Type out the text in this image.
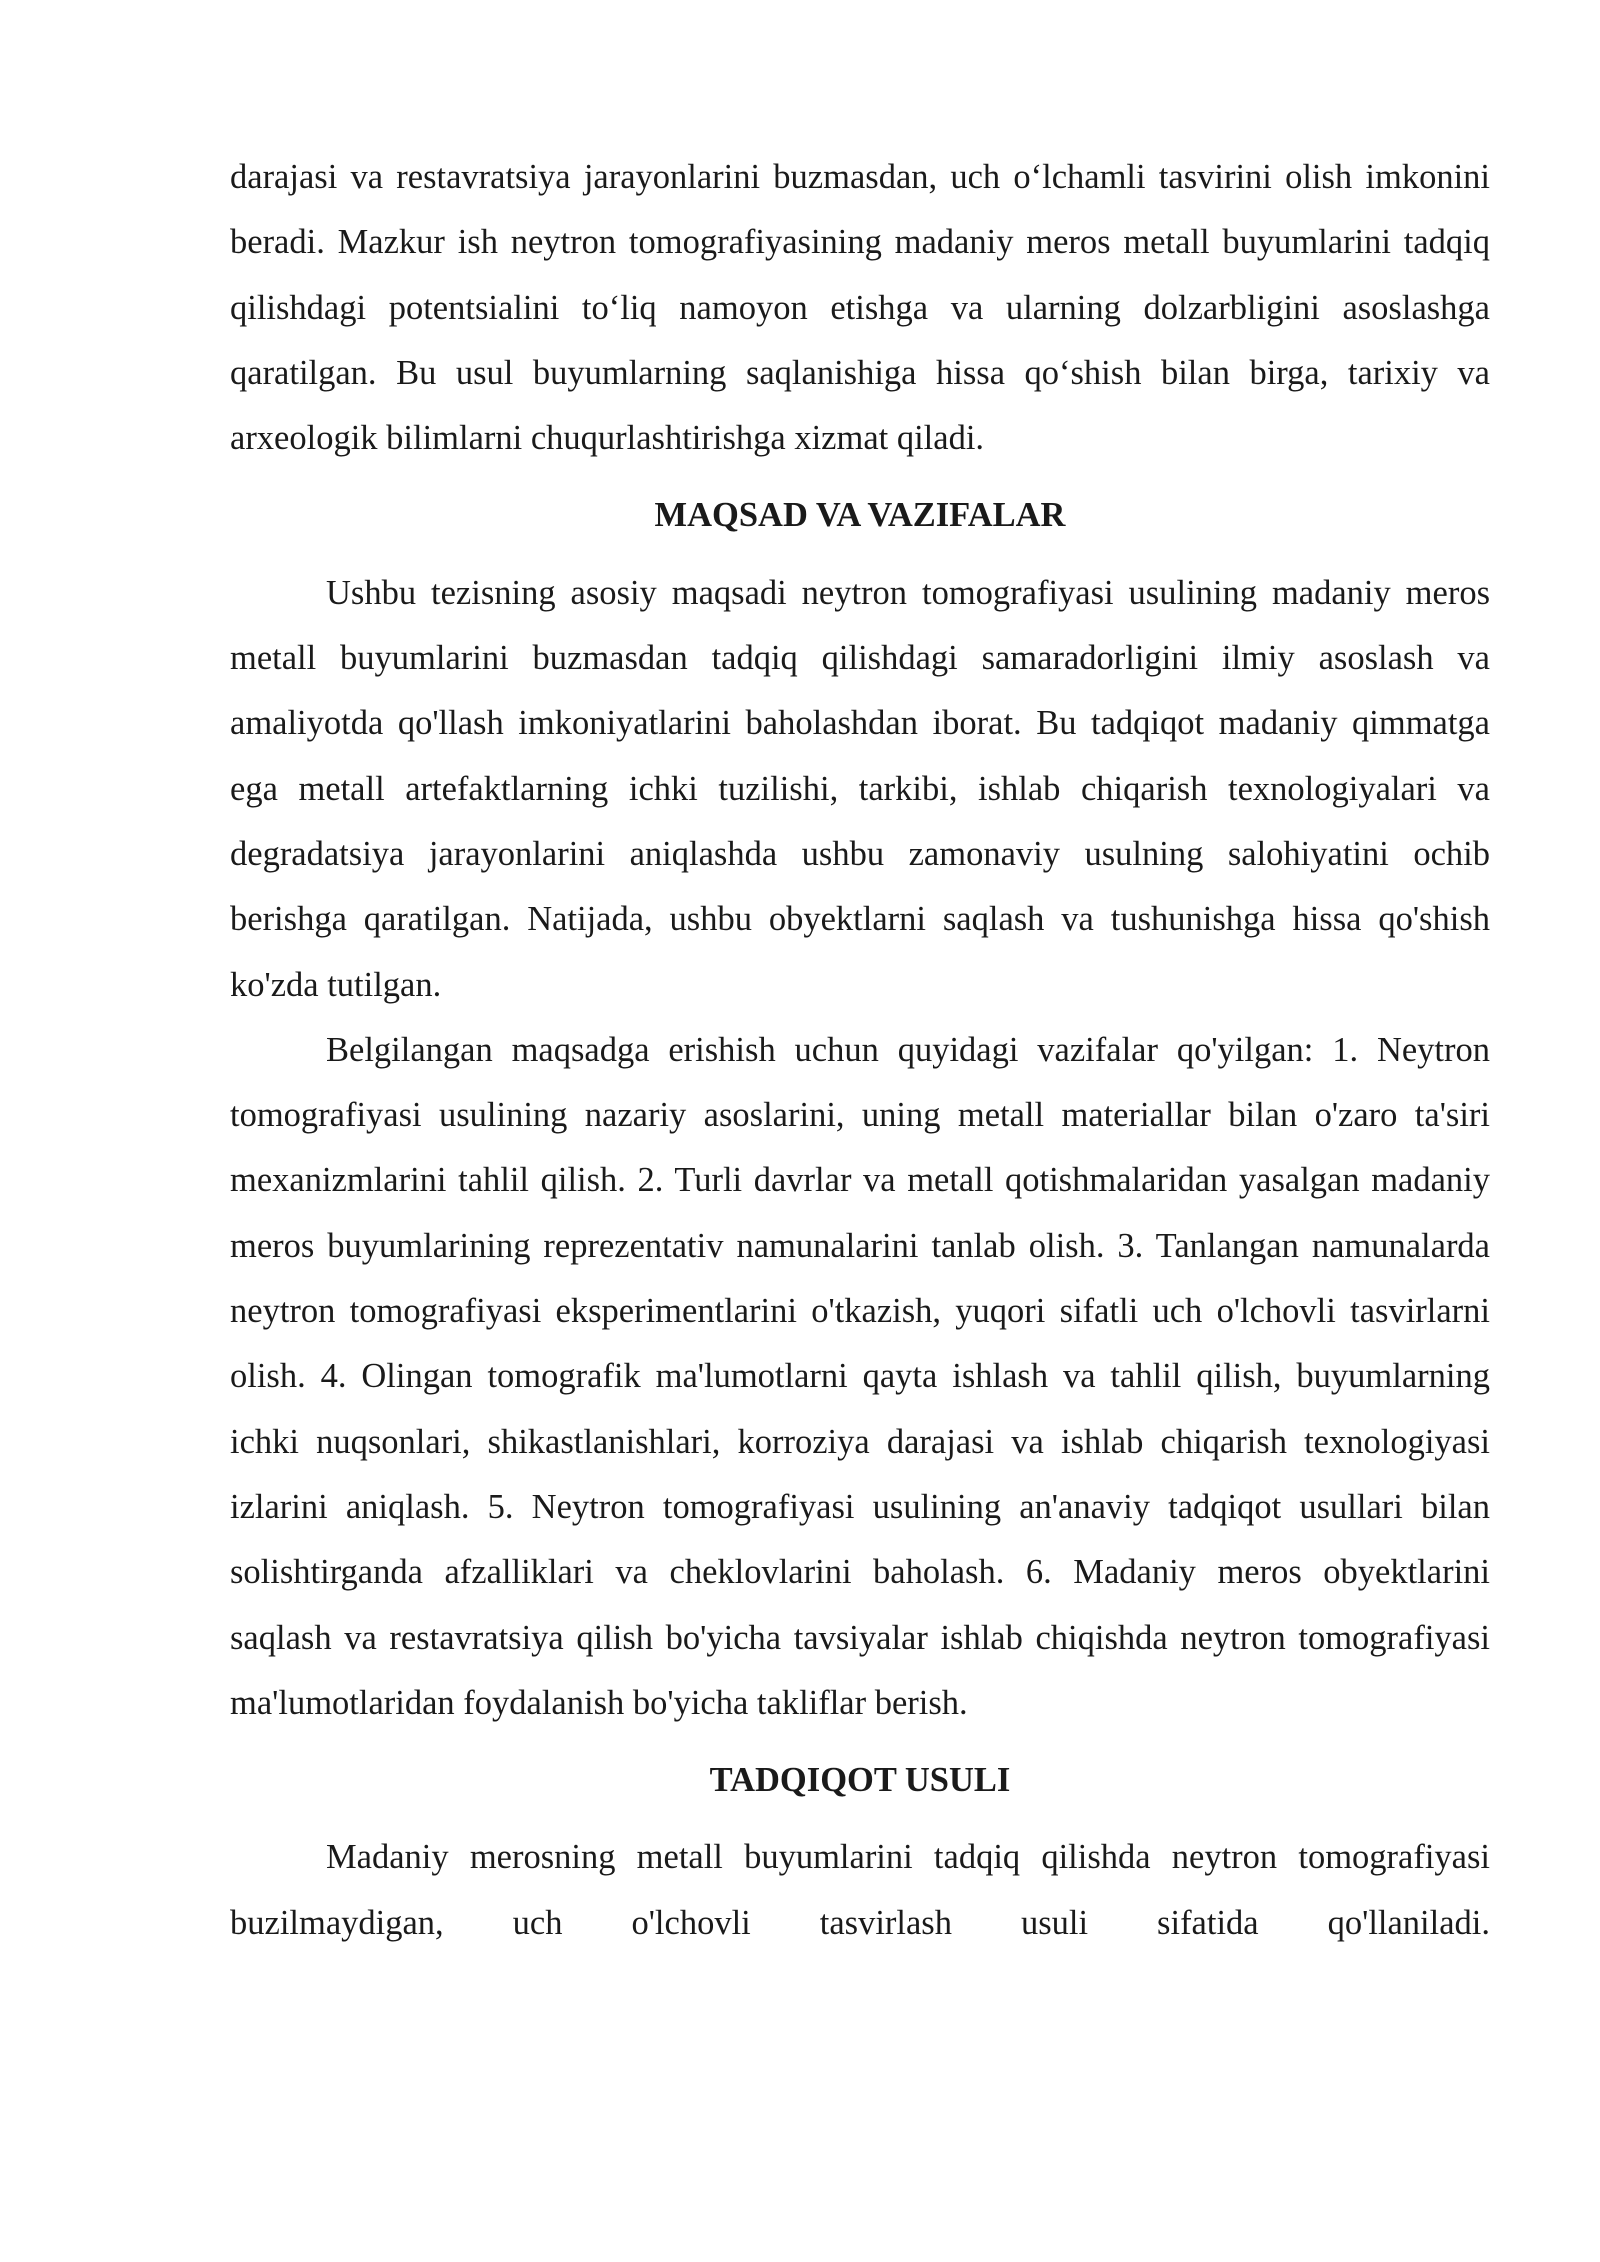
darajasi va restavratsiya jarayonlarini buzmasdan, uch o‘lchamli tasvirini olish imkonini beradi. Mazkur ish neytron tomografiyasining madaniy meros metall buyumlarini tadqiq qilishdagi potentsialini to‘liq namoyon etishga va ularning dolzarbligini asoslashga qaratilgan. Bu usul buyumlarning saqlanishiga hissa qo‘shish bilan birga, tarixiy va arxeologik bilimlarni chuqurlashtirishga xizmat qiladi.

MAQSAD VA VAZIFALAR

Ushbu tezisning asosiy maqsadi neytron tomografiyasi usulining madaniy meros metall buyumlarini buzmasdan tadqiq qilishdagi samaradorligini ilmiy asoslash va amaliyotda qo'llash imkoniyatlarini baholashdan iborat. Bu tadqiqot madaniy qimmatga ega metall artefaktlarning ichki tuzilishi, tarkibi, ishlab chiqarish texnologiyalari va degradatsiya jarayonlarini aniqlashda ushbu zamonaviy usulning salohiyatini ochib berishga qaratilgan. Natijada, ushbu obyektlarni saqlash va tushunishga hissa qo'shish ko'zda tutilgan.

Belgilangan maqsadga erishish uchun quyidagi vazifalar qo'yilgan: 1. Neytron tomografiyasi usulining nazariy asoslarini, uning metall materiallar bilan o'zaro ta'siri mexanizmlarini tahlil qilish. 2. Turli davrlar va metall qotishmalaridan yasalgan madaniy meros buyumlarining reprezentativ namunalarini tanlab olish. 3. Tanlangan namunalarda neytron tomografiyasi eksperimentlarini o'tkazish, yuqori sifatli uch o'lchovli tasvirlarni olish. 4. Olingan tomografik ma'lumotlarni qayta ishlash va tahlil qilish, buyumlarning ichki nuqsonlari, shikastlanishlari, korroziya darajasi va ishlab chiqarish texnologiyasi izlarini aniqlash. 5. Neytron tomografiyasi usulining an'anaviy tadqiqot usullari bilan solishtirganda afzalliklari va cheklovlarini baholash. 6. Madaniy meros obyektlarini saqlash va restavratsiya qilish bo'yicha tavsiyalar ishlab chiqishda neytron tomografiyasi ma'lumotlaridan foydalanish bo'yicha takliflar berish.

TADQIQOT USULI

Madaniy merosning metall buyumlarini tadqiq qilishda neytron tomografiyasi buzilmaydigan, uch o'lchovli tasvirlash usuli sifatida qo'llaniladi.
